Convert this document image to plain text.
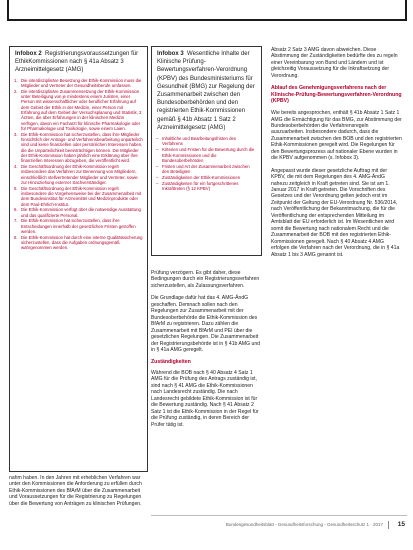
Infobox 2 Registrierungsvoraussetzungen für EthikKommissionen nach § 41a Absatz 3 Arzneimittelgesetz (AMG)
1. Die interdisziplinäre Besetzung der Ethik-Kommission muss die Mitglieder und Vertreter der Gesundheitsberufe umfassen.
2. Die interdisziplinäre Zusammensetzung der Ethik-Kommission unter Beteiligung von je mindestens einem Juristen, einer Person mit wissenschaftlicher oder beruflicher Erfahrung auf dem Gebiet der Ethik in der Medizin, einer Person mit Erfahrung auf dem Gebiet der Versuchsplanung und Statistik, 3 Ärzten, die über Erfahrungen in der klinischen Medizin verfügen, davon ein Facharzt für klinische Pharmakologie oder für Pharmakologie und Toxikologie, sowie einem Laien.
3. Die Ethik-Kommission hat sicherzustellen, dass ihre Mitglieder hinsichtlich der Antrags- und Verfahrensbearbeitung unparteilich sind und keine finanziellen oder persönlichen Interessen haben, die die Unparteilichkeit beeinträchtigen können. Die Mitglieder der Ethik-Kommission haben jährlich eine Erklärung über ihre finanziellen Interessen abzugeben, die veröffentlicht wird.
4. Die Geschäftsordnung der Ethik-Kommission regelt insbesondere das Verfahren zur Benennung von Mitgliedern, einschließlich stellvertretender Mitglieder und Vertreter, sowie zur Hinzuziehung externer Sachverständiger.
5. Die Geschäftsordnung der Ethik-Kommission regelt insbesondere die Vorgehensweise bei der Zusammenarbeit mit dem Bundesinstitut für Arzneimittel und Medizinprodukte oder dem Paul-Ehrlich-Institut.
6. Die Ethik-Kommission verfügt über die notwendige Ausstattung und das qualifizierte Personal.
7. Die Ethik-Kommission hat sicherzustellen, dass ihre Entscheidungen innerhalb der gesetzlichen Fristen getroffen werden.
8. Die Ethik-Kommission hat durch eine interne Qualitätssicherung sicherzustellen, dass die Aufgaben ordnungsgemäß wahrgenommen werden.
Infobox 3 Wesentliche Inhalte der Klinische Prüfung-Bewertungsverfahren-Verordnung (KPBV) des Bundesministeriums für Gesundheit (BMG) zur Regelung der Zusammenarbeit zwischen den Bundesoberbehörden und den registrierten Ethik-Kommissionen gemäß § 41b Absatz 1 Satz 2 Arzneimittelgesetz (AMG)
– Inhaltliche und Bearbeitungsfristen des Verfahrens
– Kriterien und Fristen für die Bewertung durch die Ethik-Kommissionen und die Bundesoberbehörden
– Fristen und Art der Zusammenarbeit zwischen den Beteiligten
– Zuständigkeiten der Ethik-Kommissionen
– Zuständigkeiten für ein fortgeschrittenes Inkrafttreten (§ 12 KPBV)

Prüfung verzögern. Es gibt daher, diese Bedingungen durch ein Registrierungsverfahren sicherzustellen, als Zulassungsverfahren.

Die Grundlage dafür hat das 4. AMG-ÄndG geschaffen. Demnach sollen nach den Regelungen zur Zusammenarbeit mit der Bundesoberbehörde die Ethik-Kommission des BfArM zu registrieren. Dazu zählen die Zusammenarbeit mit BfArM und PEI über die gesetzlichen Regelungen. Die Zusammenarbeit der Registrierungsbehörde ist in § 41b AMG und in § 41a AMG geregelt.

Zuständigkeiten

Während die BOB nach § 40 Absatz 4 Satz 1 AMG für die Prüfung des Antrags zuständig ist, sind nach § 41 AMG die Ethik-Kommissionen nach Landesrecht zuständig. Die nach Landesrecht gebildete Ethik-Kommission ist für die Bewertung zuständig. Nach § 41 Absatz 2 Satz 1 ist die Ethik-Kommission in der Regel für die Prüfung zuständig, in deren Bereich der Prüfer tätig ist.

nahm haben. In den Jahren mit erheblichen Verfahren war unter den Kommissionen die Anforderung zu erfüllen durch Ethik-Kommissionen des BfArM über die Zusammenarbeit und Voraussetzungen für die Registrierung zu Regelungen über die Bewertung von Anträgen zu klinischen Prüfungen.

Absatz 2 Satz 3 AMG davon abweichen. Diese Abstimmung der Zuständigkeiten bedürfte des zu regeln einer Vereinbarung von Bund und Ländern und ist gleichzeitig Voraussetzung für die Inkraftsetzung der Verordnung.

Ablauf des Genehmigungsverfahrens nach der Klinische-Prüfung-Bewertungsverfahren-Verordnung (KPBV)

Wie bereits angesprochen, enthält § 41b Absatz 1 Satz 1 AMG die Ermächtigung für das BMG, zur Abstimmung der Bundesoberbehörden die Verfahrensregeln auszuarbeiten. Insbesondere dadurch, dass die Zusammenarbeit zwischen den BOB und den registrierten Ethik-Kommissionen geregelt wird. Die Regelungen für den Bewertungsprozess auf nationaler Ebene wurden in die KPBV aufgenommen (s. Infobox 3).

Angepasst wurde dieser gesetzliche Auftrag mit der KPBV, die mit dem Regelungen des 4. AMG-ÄndG nahezu zeitgleich in Kraft getreten sind. Sie ist am 1. Januar 2017 in Kraft getreten. Die Vorschriften des Gesetzes und der Verordnung gelten jedoch erst im Zeitpunkt der Geltung der EU-Verordnung Nr. 536/2014, nach Veröffentlichung der Bekanntmachung, die für die Veröffentlichung der entsprechenden Mitteilung im Amtsblatt der EU erforderlich ist. Im Wesentlichen wird somit die Bewertung nach nationalem Recht und die Zusammenarbeit der BOB mit den registrierten Ethik-Kommissionen geregelt. Nach § 40 Absatz 4 AMG erfolgen die Verfahren nach der Verordnung, die in § 41a Absatz 1 bis 3 AMG genannt ist.

Bundesgesundheitsblatt - Gesundheitsforschung - Gesundheitsschutz 1 · 2017 15
